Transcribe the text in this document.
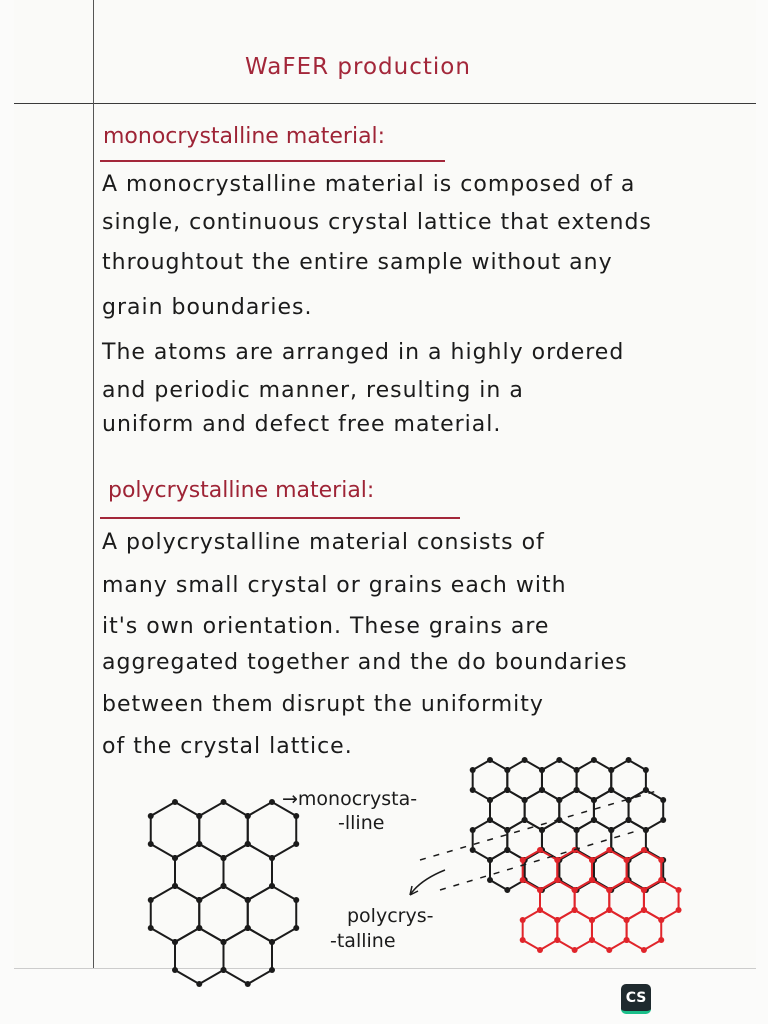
WaFER production
monocrystalline material:
A monocrystalline material is composed of a
single, continuous crystal lattice that extends
throughtout the entire sample without any
grain boundaries.
The atoms are arranged in a highly ordered
and periodic manner, resulting in a
uniform and defect free material.
polycrystalline material:
A polycrystalline material consists of
many small crystal or grains each with
it's own orientation. These grains are
aggregated together and the do boundaries
between them disrupt the uniformity
of the crystal lattice.
→monocrysta-
-lline
polycrys-
-talline
CS
